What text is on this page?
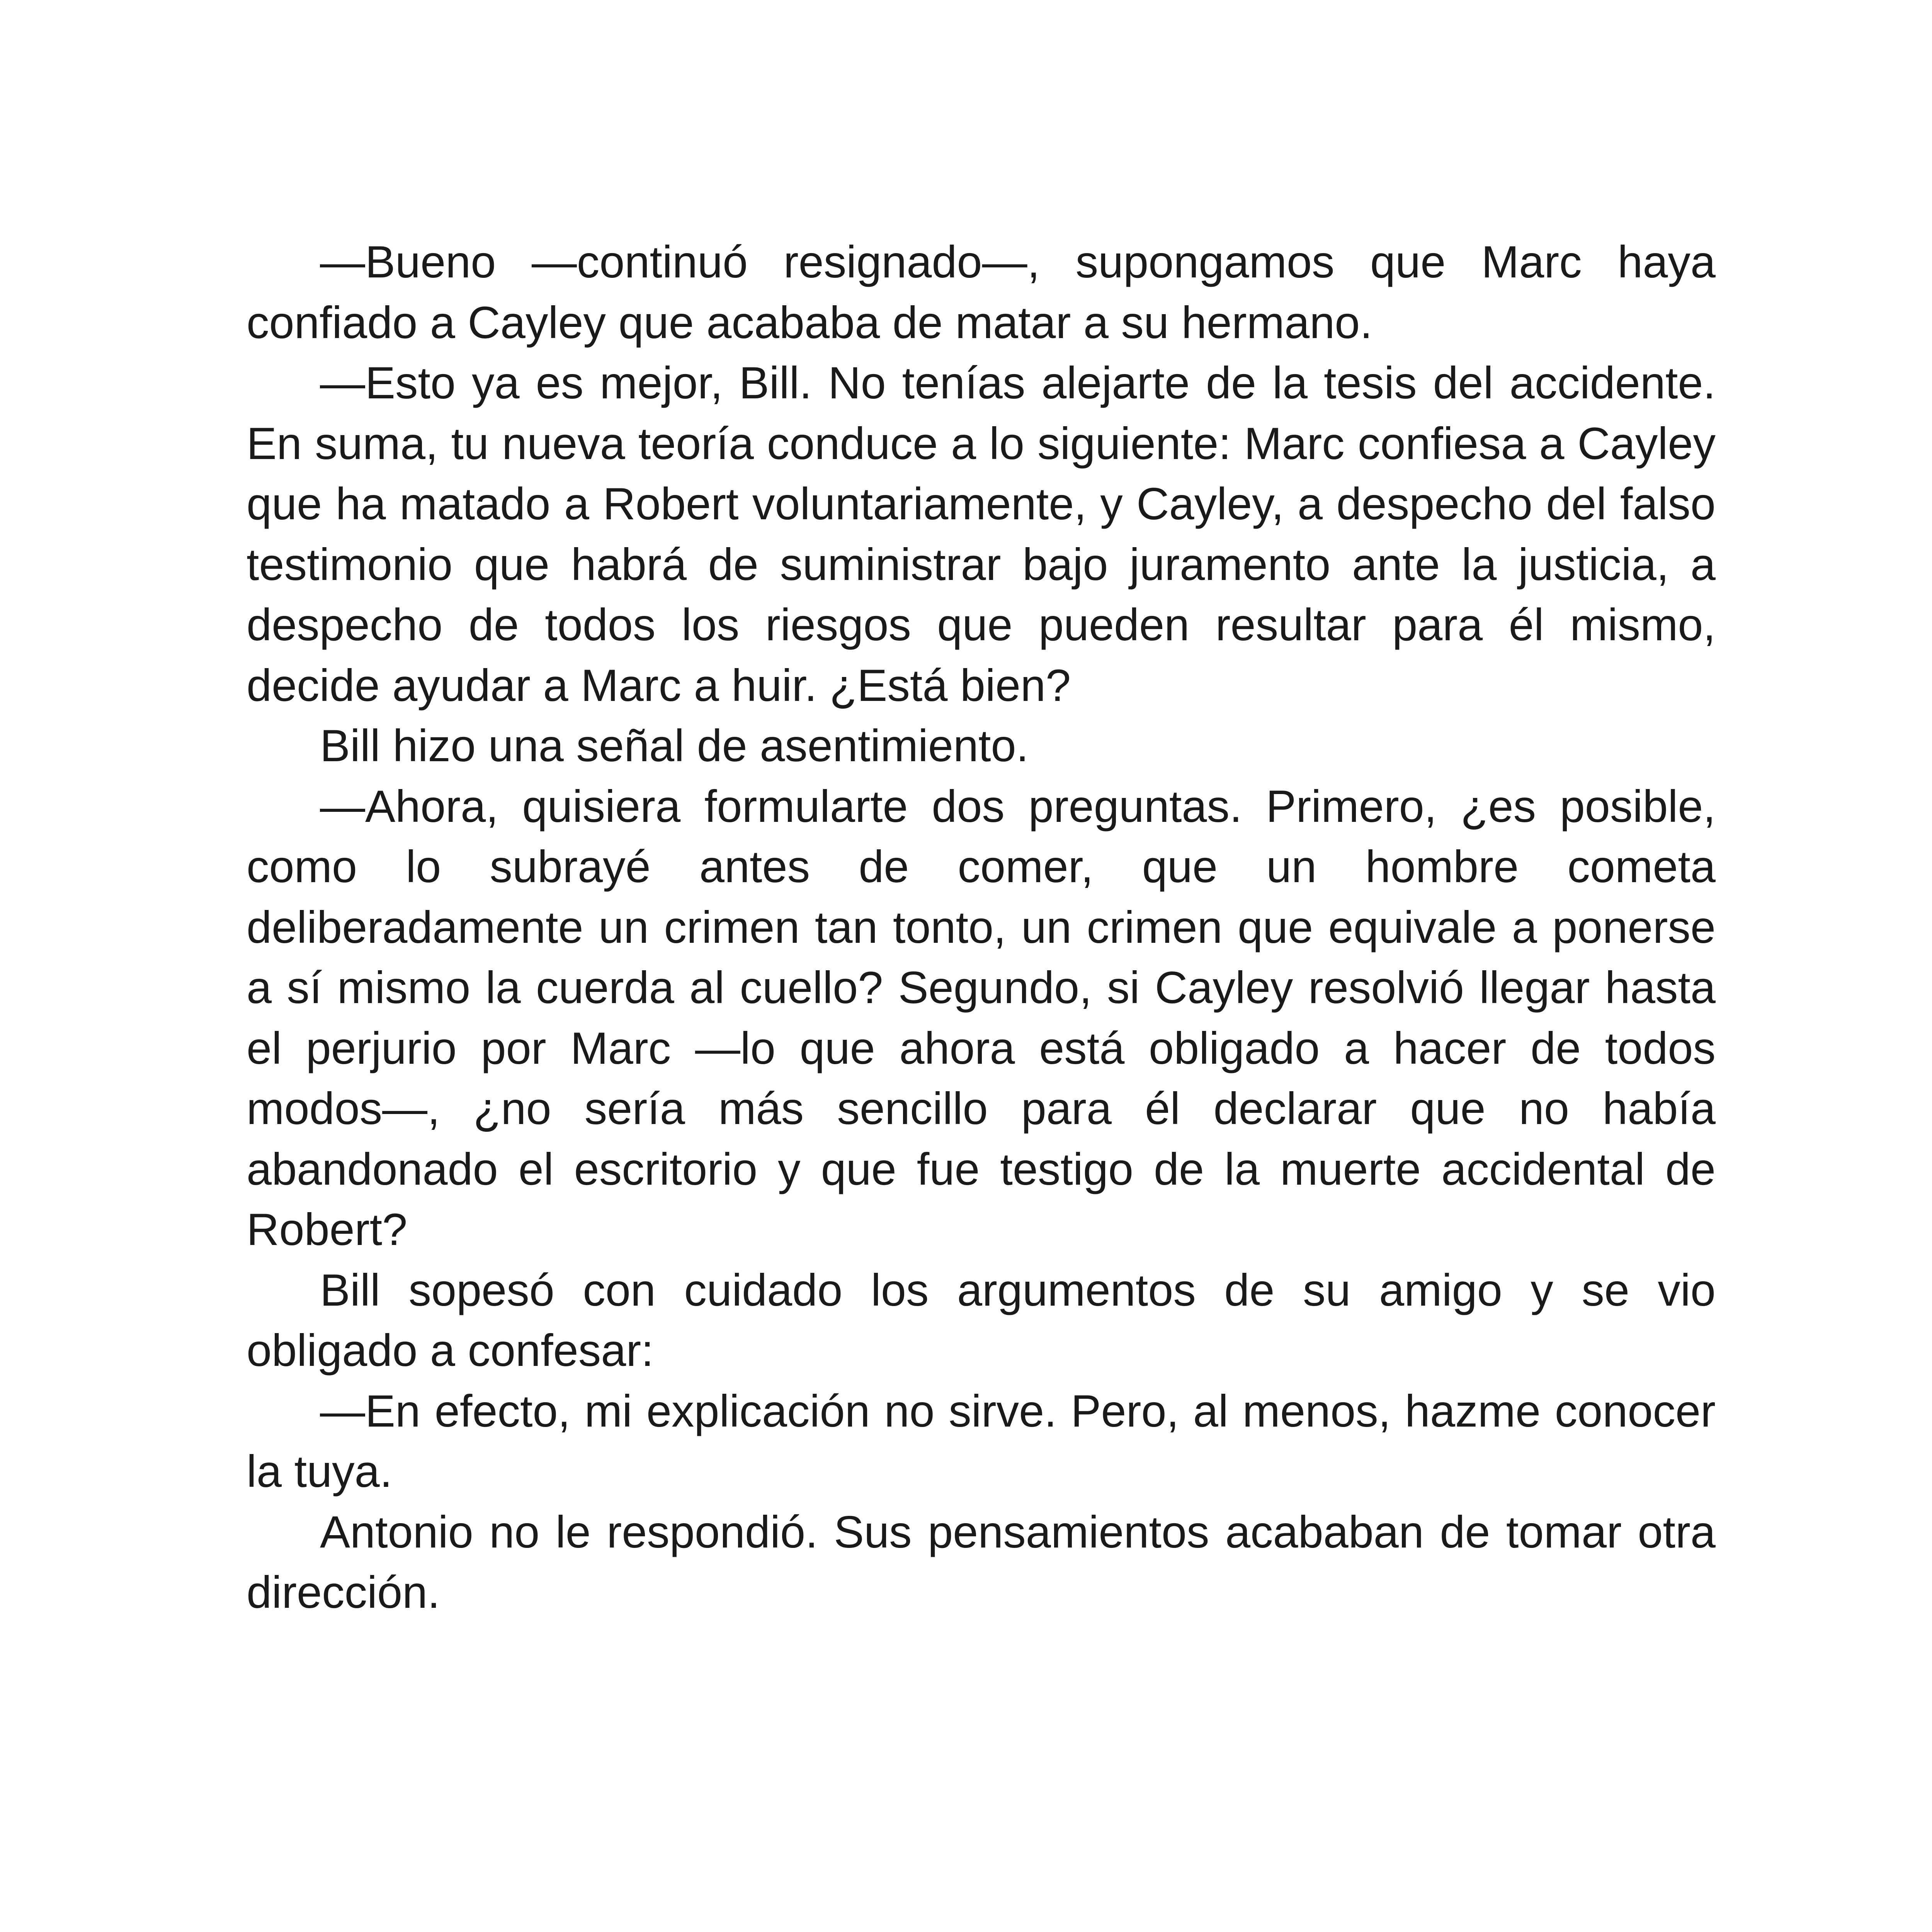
—Bueno —continuó resignado—, supongamos que Marc haya confiado a Cayley que acababa de matar a su hermano.

—Esto ya es mejor, Bill. No tenías alejarte de la tesis del accidente. En suma, tu nueva teoría conduce a lo siguiente: Marc confiesa a Cayley que ha matado a Robert voluntariamente, y Cayley, a despecho del falso testimonio que habrá de suministrar bajo juramento ante la justicia, a despecho de todos los riesgos que pueden resultar para él mismo, decide ayudar a Marc a huir. ¿Está bien?

Bill hizo una señal de asentimiento.

—Ahora, quisiera formularte dos preguntas. Primero, ¿es posible, como lo subrayé antes de comer, que un hombre cometa deliberadamente un crimen tan tonto, un crimen que equivale a ponerse a sí mismo la cuerda al cuello? Segundo, si Cayley resolvió llegar hasta el perjurio por Marc —lo que ahora está obligado a hacer de todos modos—, ¿no sería más sencillo para él declarar que no había abandonado el escritorio y que fue testigo de la muerte accidental de Robert?

Bill sopesó con cuidado los argumentos de su amigo y se vio obligado a confesar:

—En efecto, mi explicación no sirve. Pero, al menos, hazme conocer la tuya.

Antonio no le respondió. Sus pensamientos acababan de tomar otra dirección.
